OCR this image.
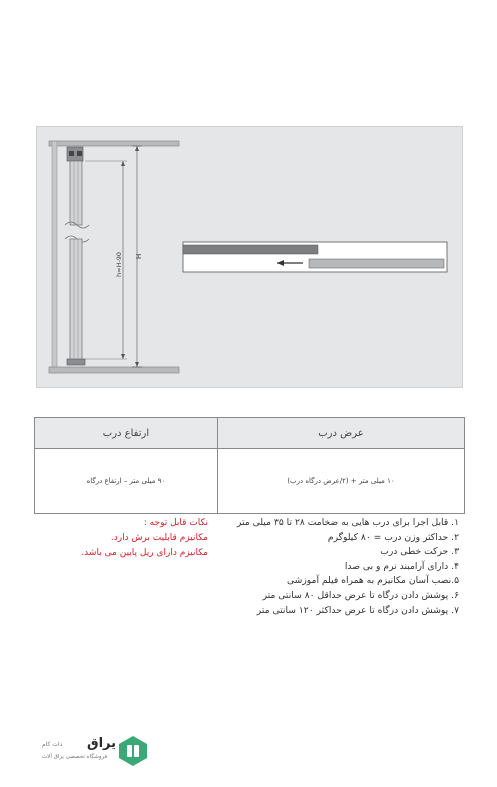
H
h=H-90
عرض درب	ارتفاع درب
۱۰ میلی متر + (۲/عرض درگاه درب)	۹۰ میلی متر – ارتفاع درگاه
۱. قابل اجرا برای درب هایی به ضخامت ۲۸ تا ۳۵ میلی متر
۲. حداکثر وزن درب = ۸۰ کیلوگرم
۳. حرکت خطی درب
۴. دارای آرامبند نرم و بی صدا
۵.نصب آسان مکانیزم به همراه فیلم آموزشی
۶. پوشش دادن درگاه تا عرض حداقل ۸۰ سانتی متر
۷. پوشش دادن درگاه تا عرض حداکثر ۱۲۰ سانتی متر
نکات قابل توجه :
مکانیزم قابلیت برش دارد.
مکانیزم دارای ریل پایین می باشد.
یراق
دات کام
فروشگاه تخصصی یراق آلات
